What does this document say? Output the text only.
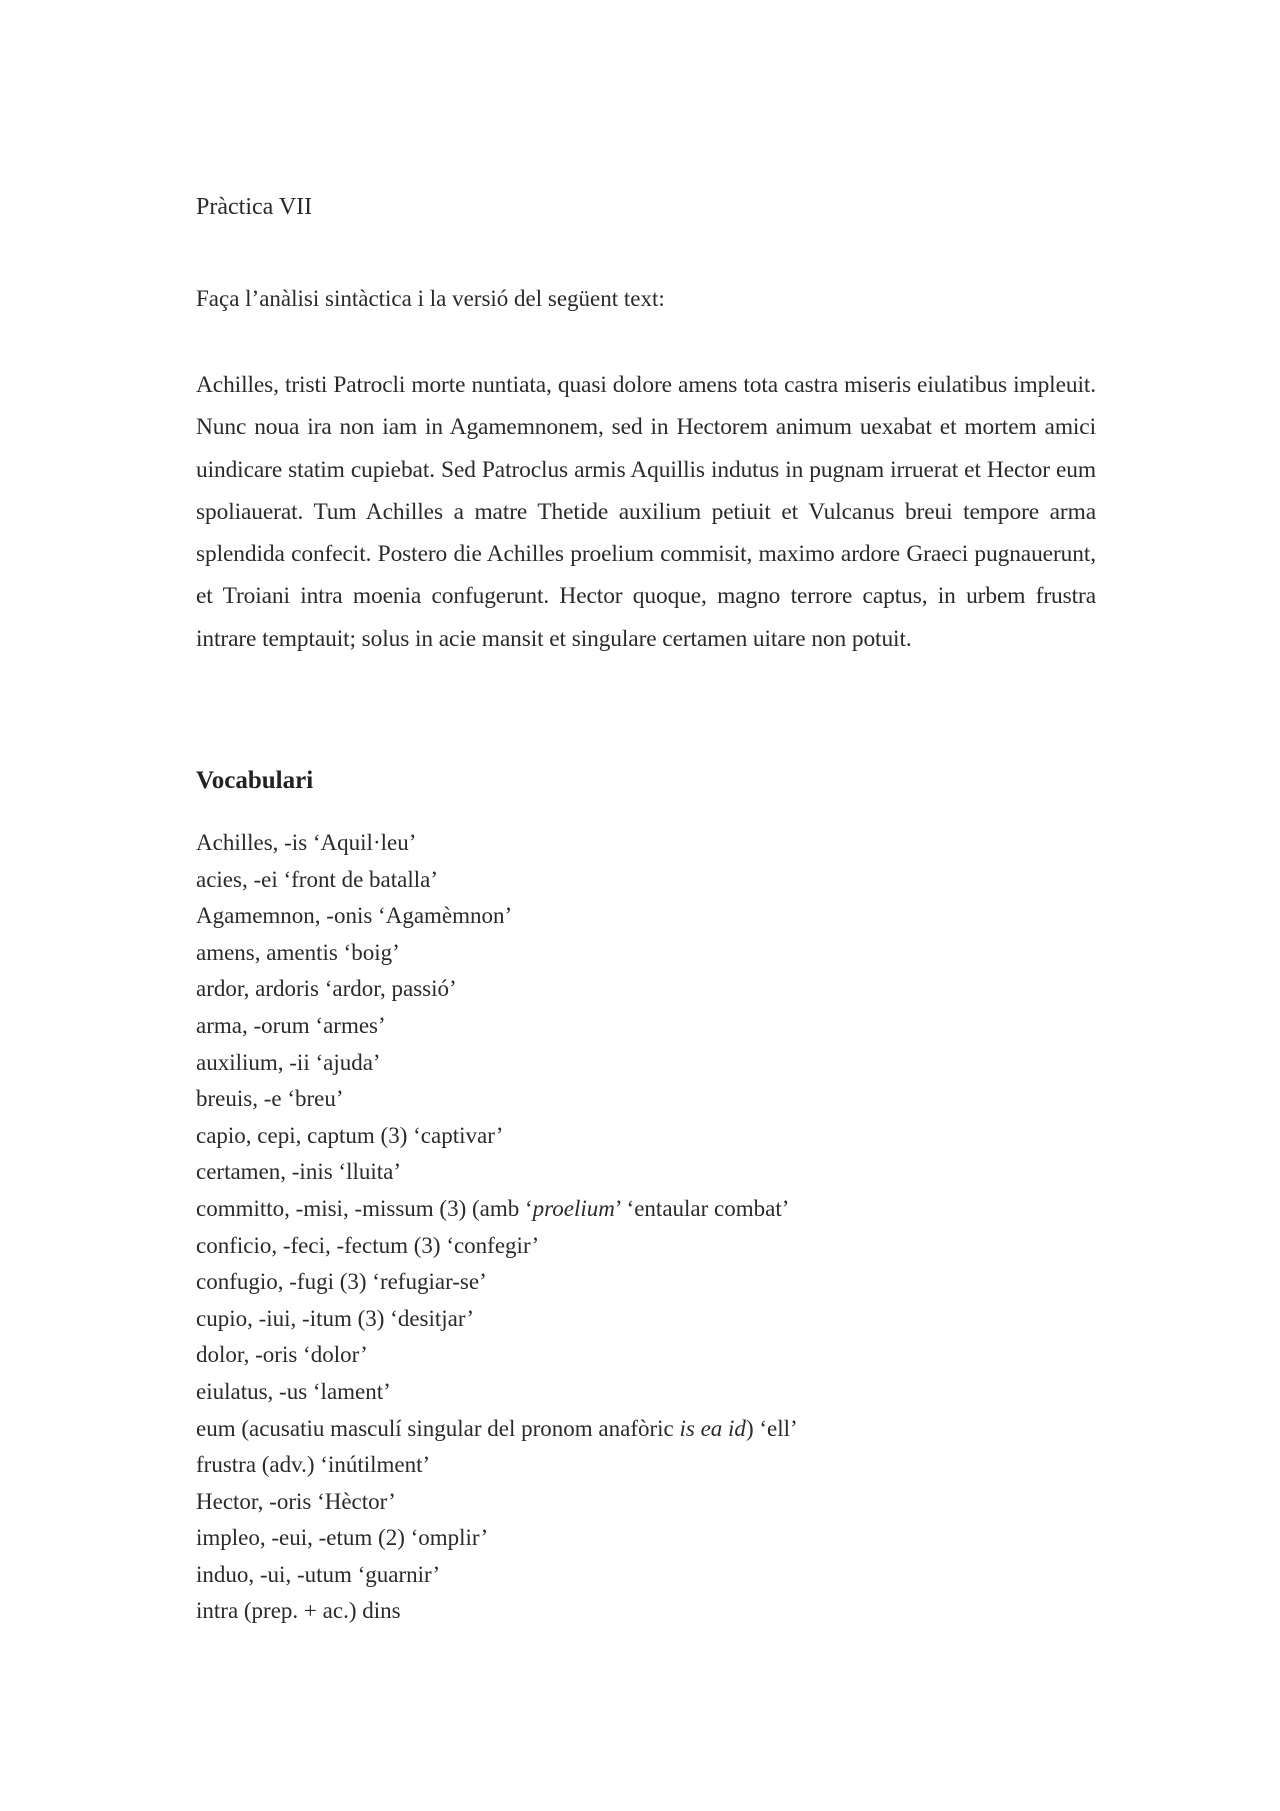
Pràctica VII

Faça l’anàlisi sintàctica i la versió del següent text:

Achilles, tristi Patrocli morte nuntiata, quasi dolore amens tota castra miseris eiulatibus impleuit. Nunc noua ira non iam in Agamemnonem, sed in Hectorem animum uexabat et mortem amici uindicare statim cupiebat. Sed Patroclus armis Aquillis indutus in pugnam irruerat et Hector eum spoliauerat. Tum Achilles a matre Thetide auxilium petiuit et Vulcanus breui tempore arma splendida confecit. Postero die Achilles proelium commisit, maximo ardore Graeci pugnauerunt, et Troiani intra moenia confugerunt. Hector quoque, magno terrore captus, in urbem frustra intrare temptauit; solus in acie mansit et singulare certamen uitare non potuit.

Vocabulari
Achilles, -is ‘Aquil·leu’
acies, -ei ‘front de batalla’
Agamemnon, -onis ‘Agamèmnon’
amens, amentis ‘boig’
ardor, ardoris ‘ardor, passió’
arma, -orum ‘armes’
auxilium, -ii ‘ajuda’
breuis, -e ‘breu’
capio, cepi, captum (3) ‘captivar’
certamen, -inis ‘lluita’
committo, -misi, -missum (3) (amb ‘proelium’ ‘entaular combat’
conficio, -feci, -fectum (3) ‘confegir’
confugio, -fugi (3) ‘refugiar-se’
cupio, -iui, -itum (3) ‘desitjar’
dolor, -oris ‘dolor’
eiulatus, -us ‘lament’
eum (acusatiu masculí singular del pronom anafòric is ea id) ‘ell’
frustra (adv.) ‘inútilment’
Hector, -oris ‘Hèctor’
impleo, -eui, -etum (2) ‘omplir’
induo, -ui, -utum ‘guarnir’
intra (prep. + ac.) dins
